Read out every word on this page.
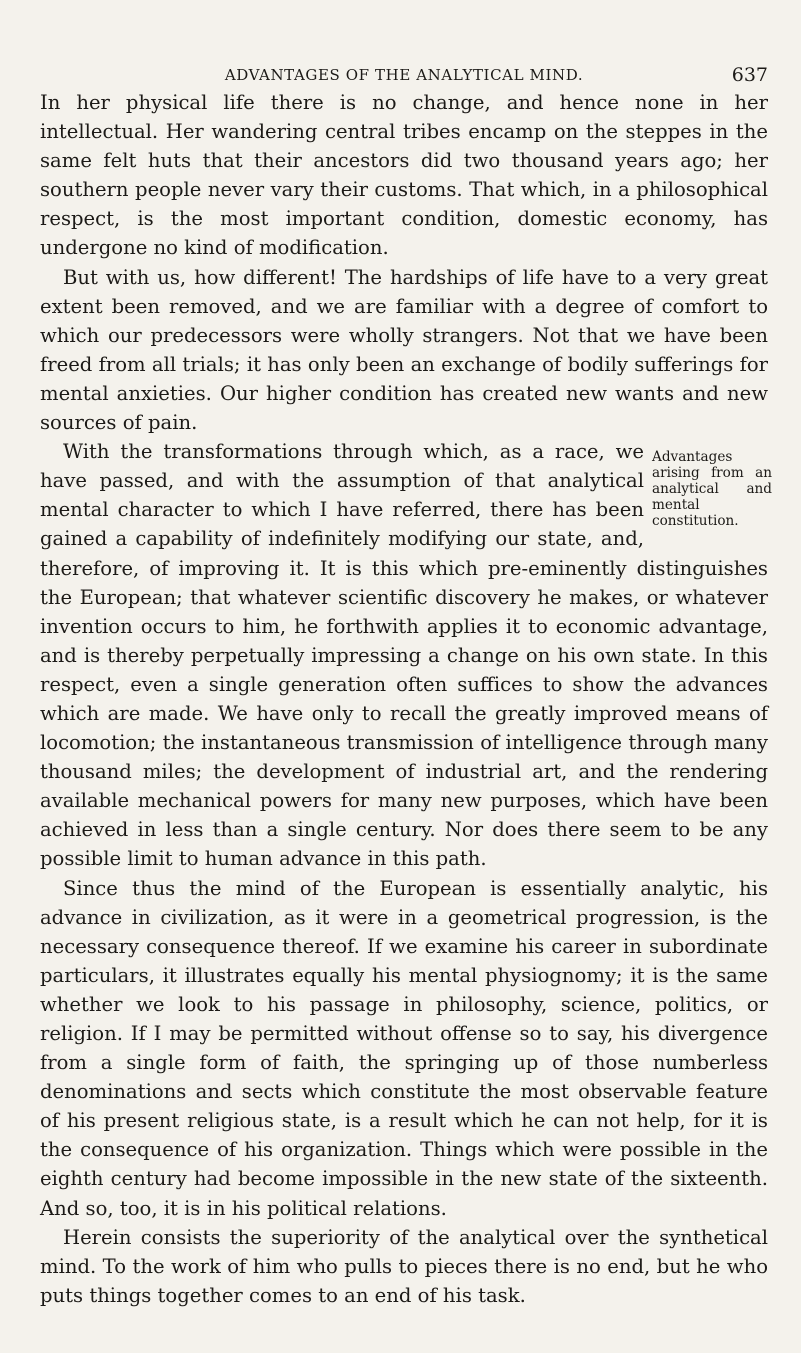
ADVANTAGES OF THE ANALYTICAL MIND.	637

In her physical life there is no change, and hence none in her intellectual. Her wandering central tribes encamp on the steppes in the same felt huts that their ancestors did two thousand years ago; her southern people never vary their customs. That which, in a philosophical respect, is the most important condition, domestic economy, has undergone no kind of modification.

But with us, how different! The hardships of life have to a very great extent been removed, and we are familiar with a degree of comfort to which our predecessors were wholly strangers. Not that we have been freed from all trials; it has only been an exchange of bodily sufferings for mental anxieties. Our higher condition has created new wants and new sources of pain.

Advantages arising from an analytical and mental constitution.

With the transformations through which, as a race, we have passed, and with the assumption of that analytical mental character to which I have referred, there has been gained a capability of indefinitely modifying our state, and, therefore, of improving it. It is this which pre-eminently distinguishes the European; that whatever scientific discovery he makes, or whatever invention occurs to him, he forthwith applies it to economic advantage, and is thereby perpetually impressing a change on his own state. In this respect, even a single generation often suffices to show the advances which are made. We have only to recall the greatly improved means of locomotion; the instantaneous transmission of intelligence through many thousand miles; the development of industrial art, and the rendering available mechanical powers for many new purposes, which have been achieved in less than a single century. Nor does there seem to be any possible limit to human advance in this path.

Since thus the mind of the European is essentially analytic, his advance in civilization, as it were in a geometrical progression, is the necessary consequence thereof. If we examine his career in subordinate particulars, it illustrates equally his mental physiognomy; it is the same whether we look to his passage in philosophy, science, politics, or religion. If I may be permitted without offense so to say, his divergence from a single form of faith, the springing up of those numberless denominations and sects which constitute the most observable feature of his present religious state, is a result which he can not help, for it is the consequence of his organization. Things which were possible in the eighth century had become impossible in the new state of the sixteenth. And so, too, it is in his political relations.

Herein consists the superiority of the analytical over the synthetical mind. To the work of him who pulls to pieces there is no end, but he who puts things together comes to an end of his task.
